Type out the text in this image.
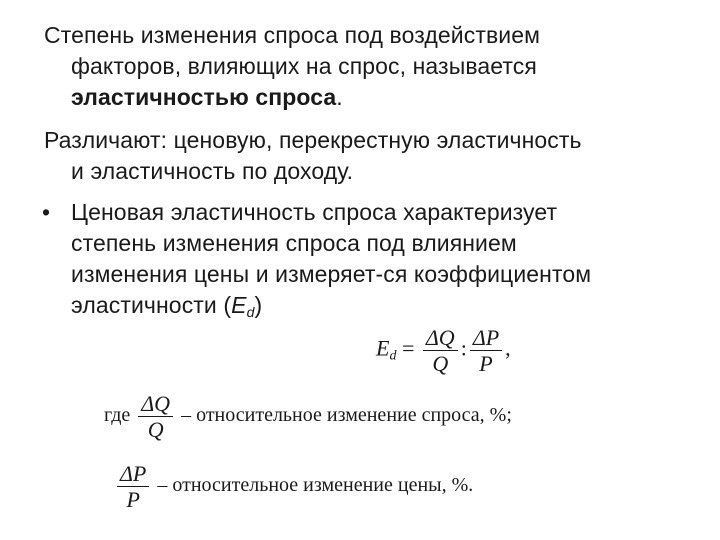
Степень изменения спроса под воздействием
факторов, влияющих на спрос, называется
эластичностью спроса.
Различают: ценовую, перекрестную эластичность
и эластичность по доходу.
• Ценовая эластичность спроса характеризует
степень изменения спроса под влиянием
изменения цены и измеряет-ся коэффициентом
эластичности $(E_d)$
$E_d = \frac{\Delta Q}{Q}$ : $\frac{\Delta P}{P}$ ,
где $\frac{\Delta Q}{Q}$ – относительное изменение спроса, %;
$\frac{\Delta P}{P}$ – относительное изменение цены, %.
